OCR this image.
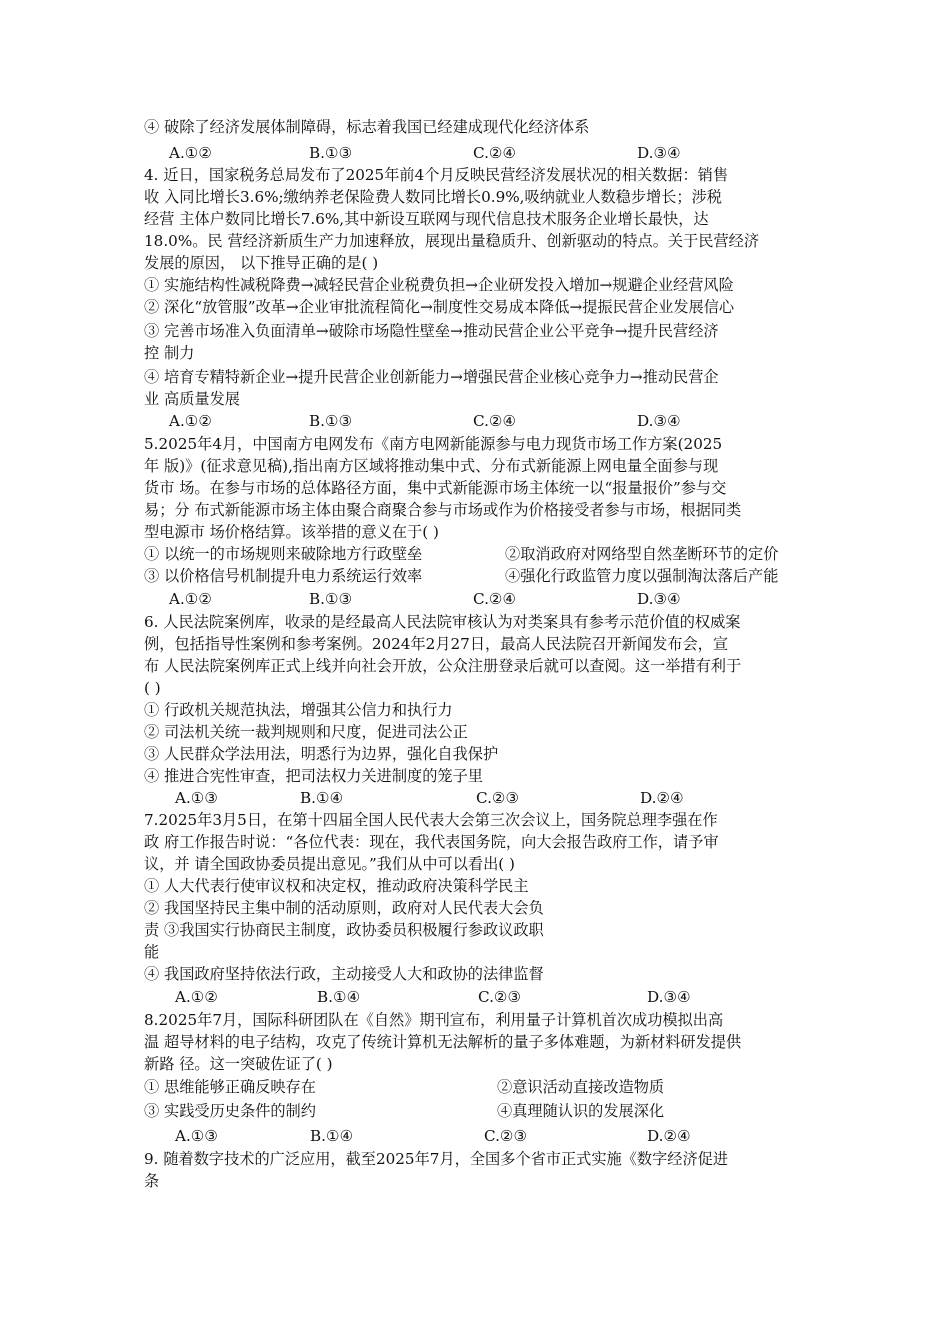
④ 破除了经济发展体制障碍，标志着我国已经建成现代化经济体系
A.①②	B.①③	C.②④	D.③④
4. 近日，国家税务总局发布了2025年前4个月反映民营经济发展状况的相关数据：销售
收 入同比增长3.6%;缴纳养老保险费人数同比增长0.9%,吸纳就业人数稳步增长；涉税
经营 主体户数同比增长7.6%,其中新设互联网与现代信息技术服务企业增长最快，达
18.0%。民 营经济新质生产力加速释放，展现出量稳质升、创新驱动的特点。关于民营经济
发展的原因， 以下推导正确的是( )
① 实施结构性减税降费→减轻民营企业税费负担→企业研发投入增加→规避企业经营风险
② 深化“放管服”改革→企业审批流程简化→制度性交易成本降低→提振民营企业发展信心
③ 完善市场准入负面清单→破除市场隐性壁垒→推动民营企业公平竞争→提升民营经济
控 制力
④ 培育专精特新企业→提升民营企业创新能力→增强民营企业核心竞争力→推动民营企
业 高质量发展
A.①②	B.①③	C.②④	D.③④
5.2025年4月，中国南方电网发布《南方电网新能源参与电力现货市场工作方案(2025
年 版)》(征求意见稿),指出南方区域将推动集中式、分布式新能源上网电量全面参与现
货市 场。在参与市场的总体路径方面，集中式新能源市场主体统一以“报量报价”参与交
易；分 布式新能源市场主体由聚合商聚合参与市场或作为价格接受者参与市场，根据同类
型电源市 场价格结算。该举措的意义在于( )
① 以统一的市场规则来破除地方行政壁垒	②取消政府对网络型自然垄断环节的定价
③ 以价格信号机制提升电力系统运行效率	④强化行政监管力度以强制淘汰落后产能
A.①②	B.①③	C.②④	D.③④
6. 人民法院案例库，收录的是经最高人民法院审核认为对类案具有参考示范价值的权威案
例，包括指导性案例和参考案例。2024年2月27日，最高人民法院召开新闻发布会，宣
布 人民法院案例库正式上线并向社会开放，公众注册登录后就可以查阅。这一举措有利于
( )
① 行政机关规范执法，增强其公信力和执行力
② 司法机关统一裁判规则和尺度，促进司法公正
③ 人民群众学法用法，明悉行为边界，强化自我保护
④ 推进合宪性审查，把司法权力关进制度的笼子里
A.①③	B.①④	C.②③	D.②④
7.2025年3月5日，在第十四届全国人民代表大会第三次会议上，国务院总理李强在作
政 府工作报告时说：“各位代表：现在，我代表国务院，向大会报告政府工作，请予审
议，并 请全国政协委员提出意见。”我们从中可以看出( )
① 人大代表行使审议权和决定权，推动政府决策科学民主
② 我国坚持民主集中制的活动原则，政府对人民代表大会负
责 ③我国实行协商民主制度，政协委员积极履行参政议政职
能
④ 我国政府坚持依法行政，主动接受人大和政协的法律监督
A.①②	B.①④	C.②③	D.③④
8.2025年7月，国际科研团队在《自然》期刊宣布，利用量子计算机首次成功模拟出高
温 超导材料的电子结构，攻克了传统计算机无法解析的量子多体难题，为新材料研发提供
新路 径。这一突破佐证了( )
① 思维能够正确反映存在	②意识活动直接改造物质
③ 实践受历史条件的制约	④真理随认识的发展深化
A.①③	B.①④	C.②③	D.②④
9. 随着数字技术的广泛应用，截至2025年7月，全国多个省市正式实施《数字经济促进
条
